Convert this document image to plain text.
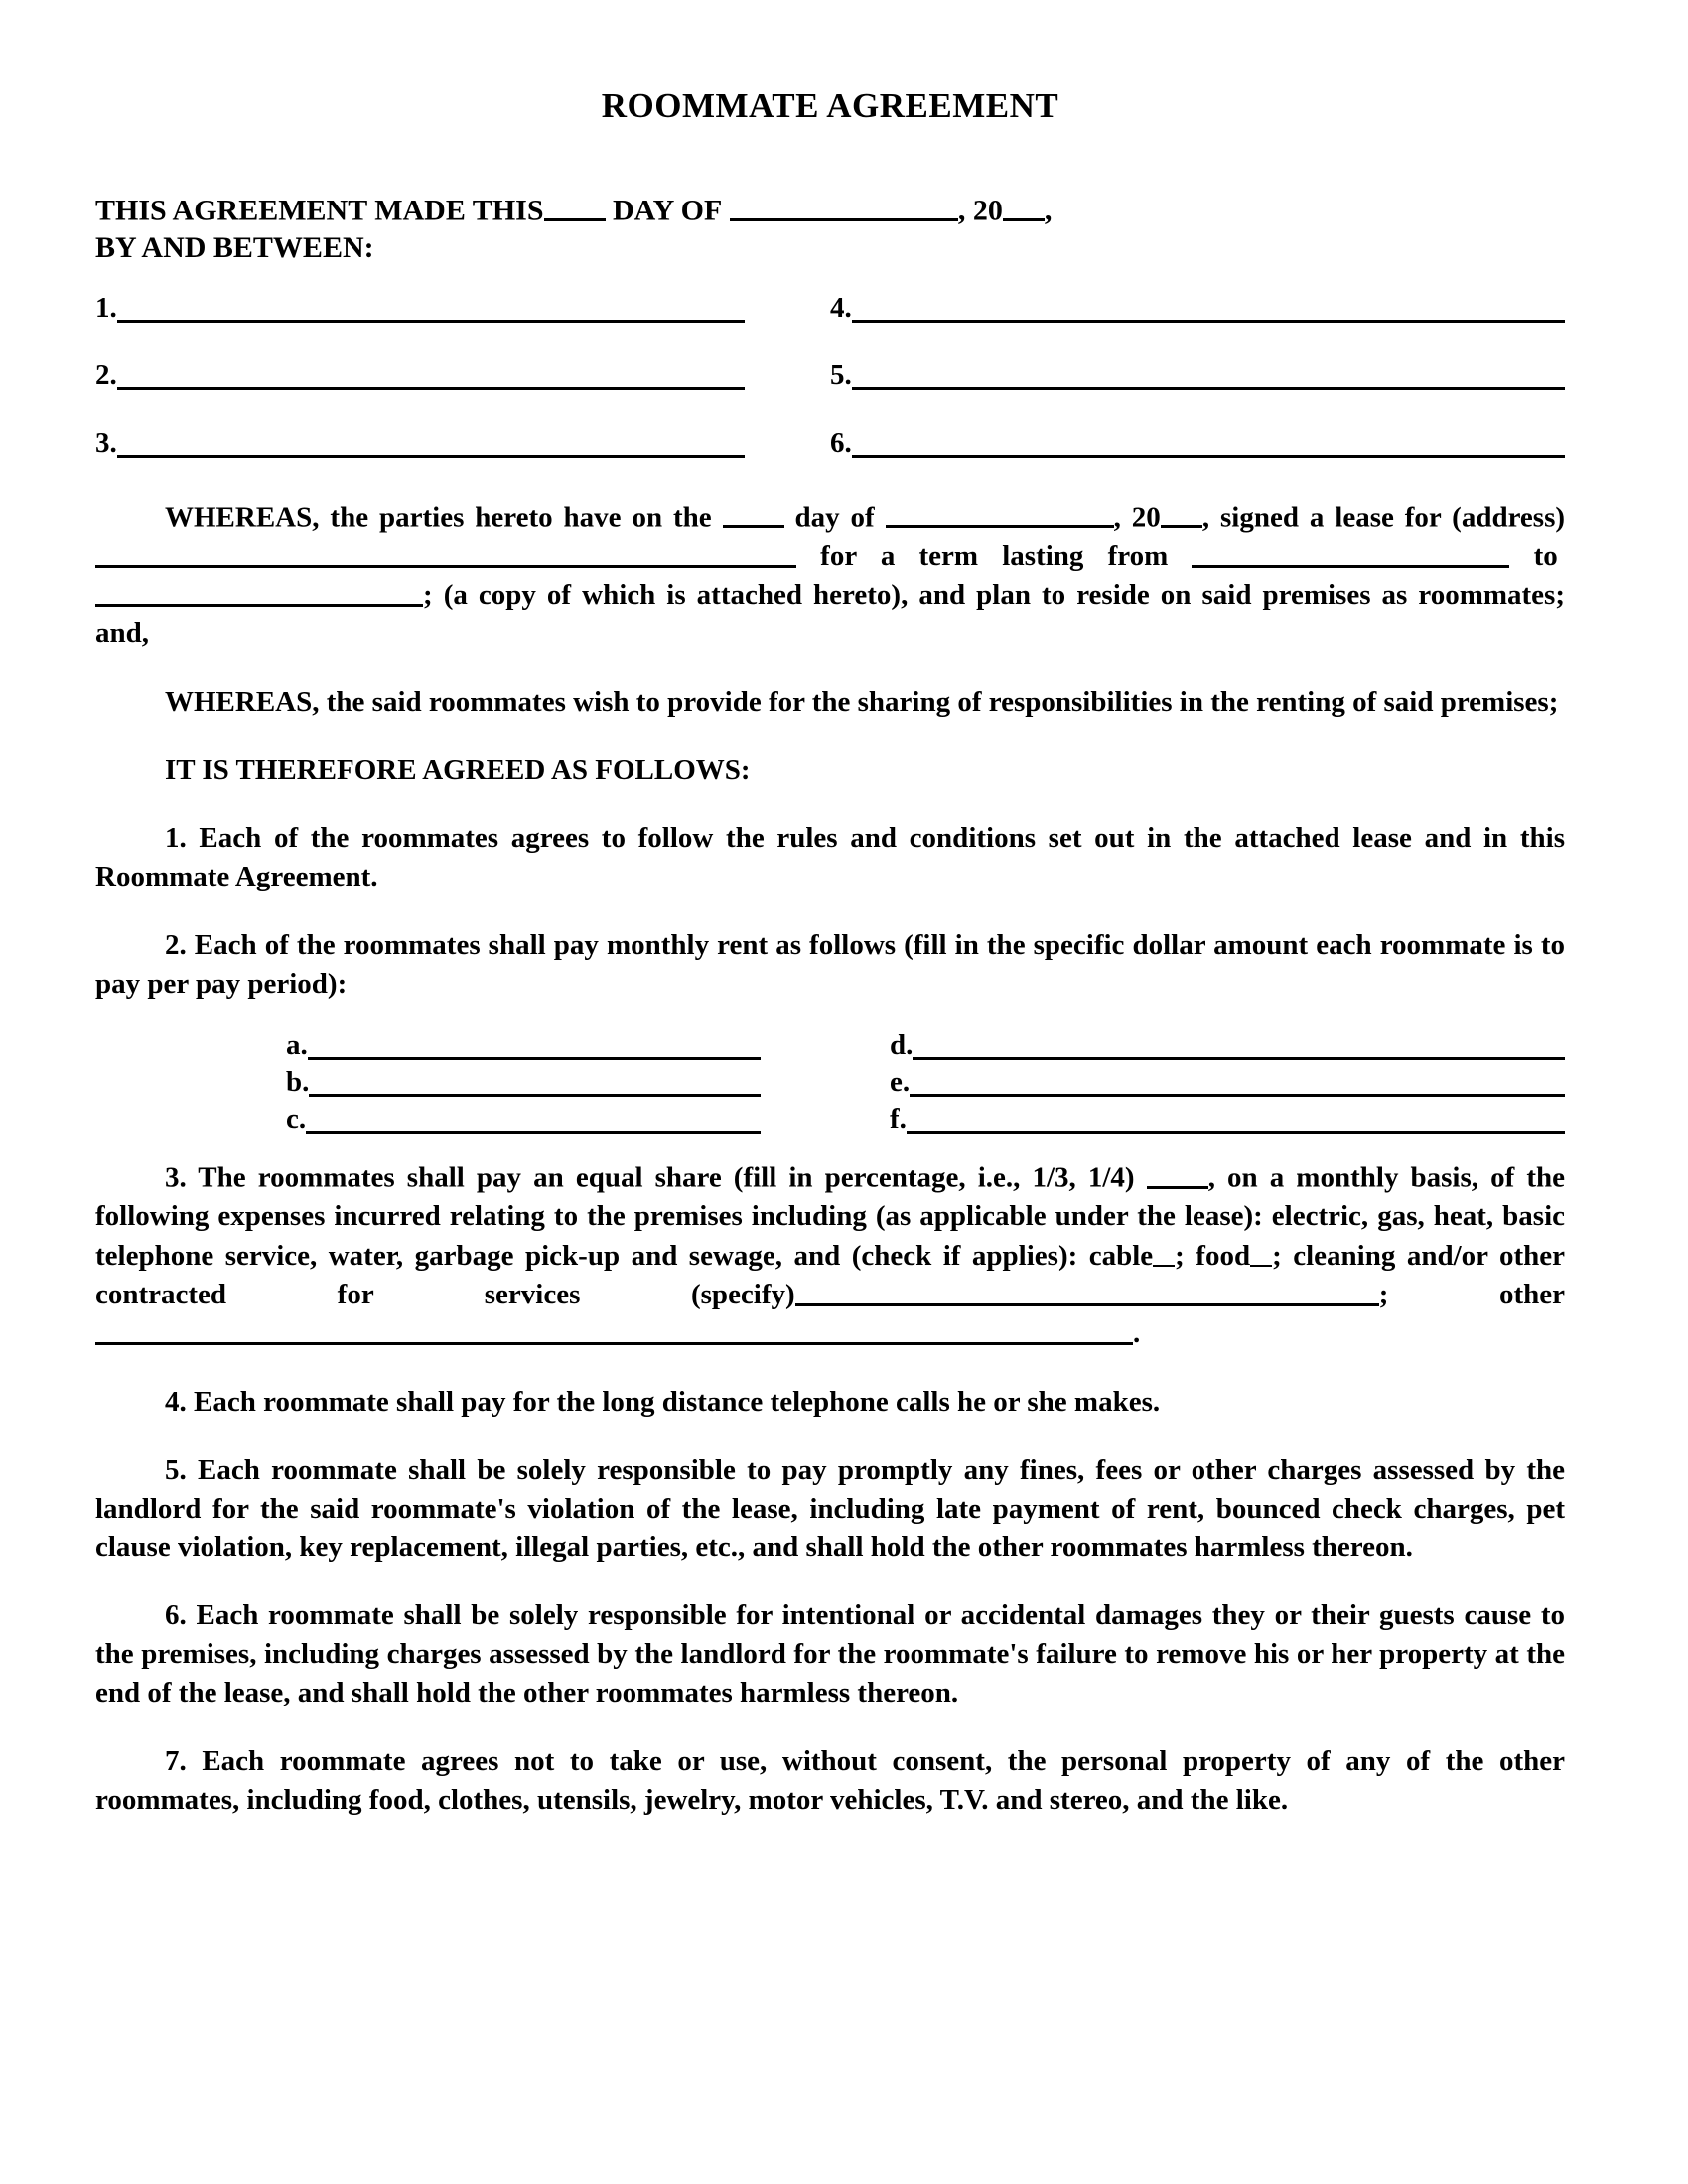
ROOMMATE AGREEMENT
THIS AGREEMENT MADE THIS DAY OF	, 20 ,
BY AND BETWEEN:
1.	4.

2.	5.

3.	6.

WHEREAS, the parties hereto have on the	day of	, 20 , signed a lease for (address) for a term lasting from	to ; (a copy of which is attached hereto), and plan to reside on said premises as roommates; and,

WHEREAS, the said roommates wish to provide for the sharing of responsibilities in the renting of said premises;

IT IS THEREFORE AGREED AS FOLLOWS:

1. Each of the roommates agrees to follow the rules and conditions set out in the attached lease and in this Roommate Agreement.

2. Each of the roommates shall pay monthly rent as follows (fill in the specific dollar amount each roommate is to pay per pay period):

a.	d.

b.	e.

c.	f.

3. The roommates shall pay an equal share (fill in percentage, i.e., 1/3, 1/4)	, on a monthly basis, of the following expenses incurred relating to the premises including (as applicable under the lease): electric, gas, heat, basic telephone service, water, garbage pick-up and sewage, and (check if applies): cable ; food ; cleaning and/or other contracted for services (specify)	;	other.

4. Each roommate shall pay for the long distance telephone calls he or she makes.

5. Each roommate shall be solely responsible to pay promptly any fines, fees or other charges assessed by the landlord for the said roommate's violation of the lease, including late payment of rent, bounced check charges, pet clause violation, key replacement, illegal parties, etc., and shall hold the other roommates harmless thereon.

6. Each roommate shall be solely responsible for intentional or accidental damages they or their guests cause to the premises, including charges assessed by the landlord for the roommate's failure to remove his or her property at the end of the lease, and shall hold the other roommates harmless thereon.

7. Each roommate agrees not to take or use, without consent, the personal property of any of the other roommates, including food, clothes, utensils, jewelry, motor vehicles, T.V. and stereo, and the like.
